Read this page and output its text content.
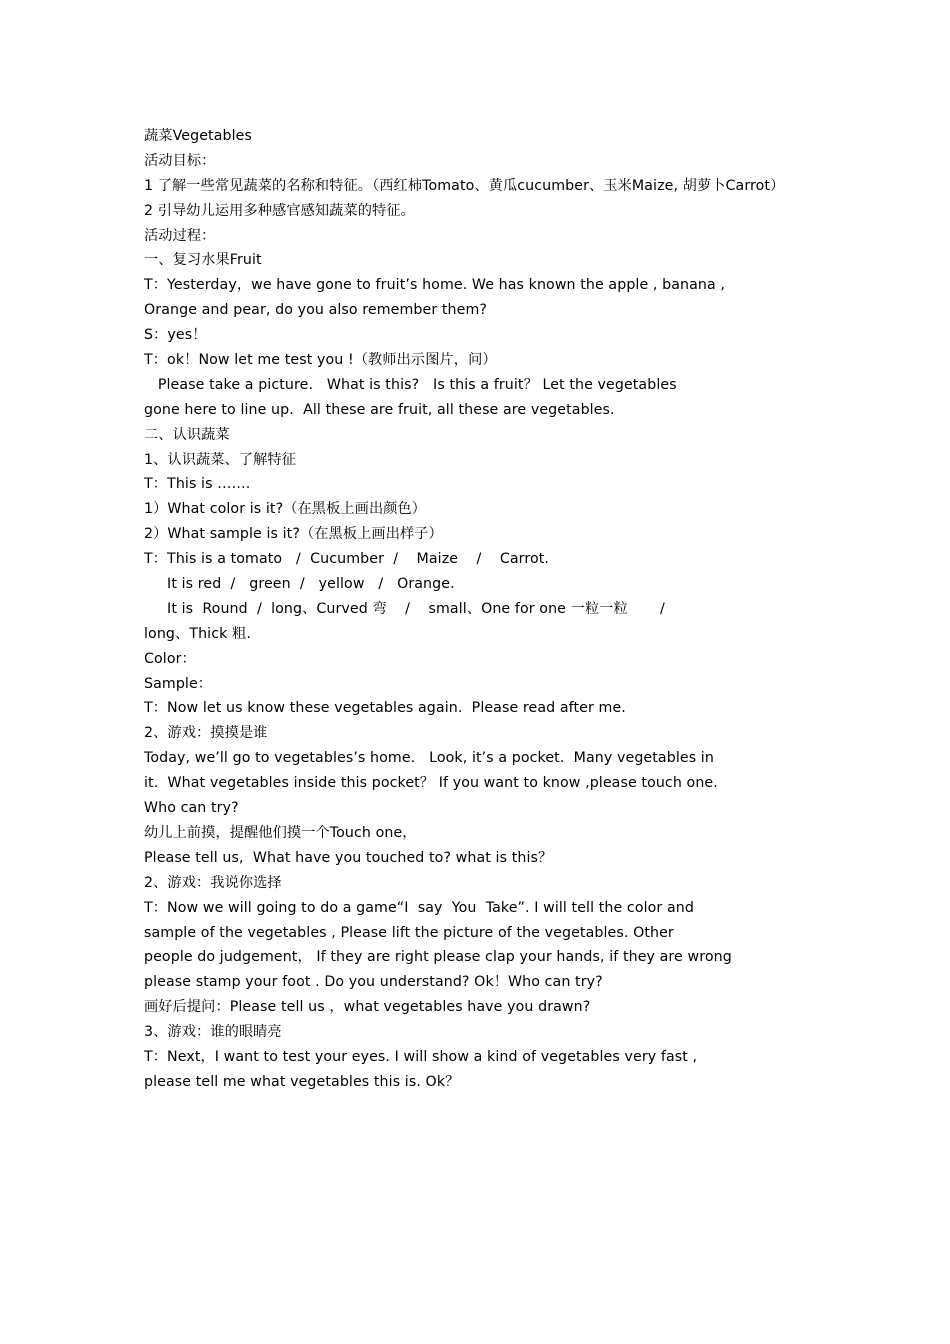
蔬菜Vegetables
活动目标：
1 了解一些常见蔬菜的名称和特征。（西红柿Tomato、黄瓜cucumber、玉米Maize, 胡萝卜Carrot）
2 引导幼儿运用多种感官感知蔬菜的特征。
活动过程：
一、复习水果Fruit
T：Yesterday，we have gone to fruit’s home. We has known the apple , banana ,
Orange and pear, do you also remember them?
S：yes！
T：ok！Now let me test you !（教师出示图片，问）
Please take a picture.   What is this?   Is this a fruit？ Let the vegetables
gone here to line up.  All these are fruit, all these are vegetables.
二、认识蔬菜
1、认识蔬菜、了解特征
T：This is …….
1）What color is it?（在黑板上画出颜色）
2）What sample is it?（在黑板上画出样子）
T：This is a tomato   /  Cucumber  /    Maize    /    Carrot.
It is red  /   green  /   yellow   /   Orange.
It is  Round  /  long、Curved 弯    /    small、One for one 一粒一粒       /
long、Thick 粗.
Color：
Sample：
T：Now let us know these vegetables again.  Please read after me.
2、游戏：摸摸是谁
Today, we’ll go to vegetables’s home.   Look, it’s a pocket.  Many vegetables in
it.  What vegetables inside this pocket？ If you want to know ,please touch one.
Who can try?
幼儿上前摸，提醒他们摸一个Touch one，
Please tell us,  What have you touched to? what is this？
2、游戏：我说你选择
T：Now we will going to do a game“I  say  You  Take”. I will tell the color and
sample of the vegetables , Please lift the picture of the vegetables. Other
people do judgement， If they are right please clap your hands, if they are wrong
please stamp your foot . Do you understand? Ok！Who can try?
画好后提问：Please tell us ，what vegetables have you drawn?
3、游戏：谁的眼睛亮
T：Next，I want to test your eyes. I will show a kind of vegetables very fast ,
please tell me what vegetables this is. Ok？
